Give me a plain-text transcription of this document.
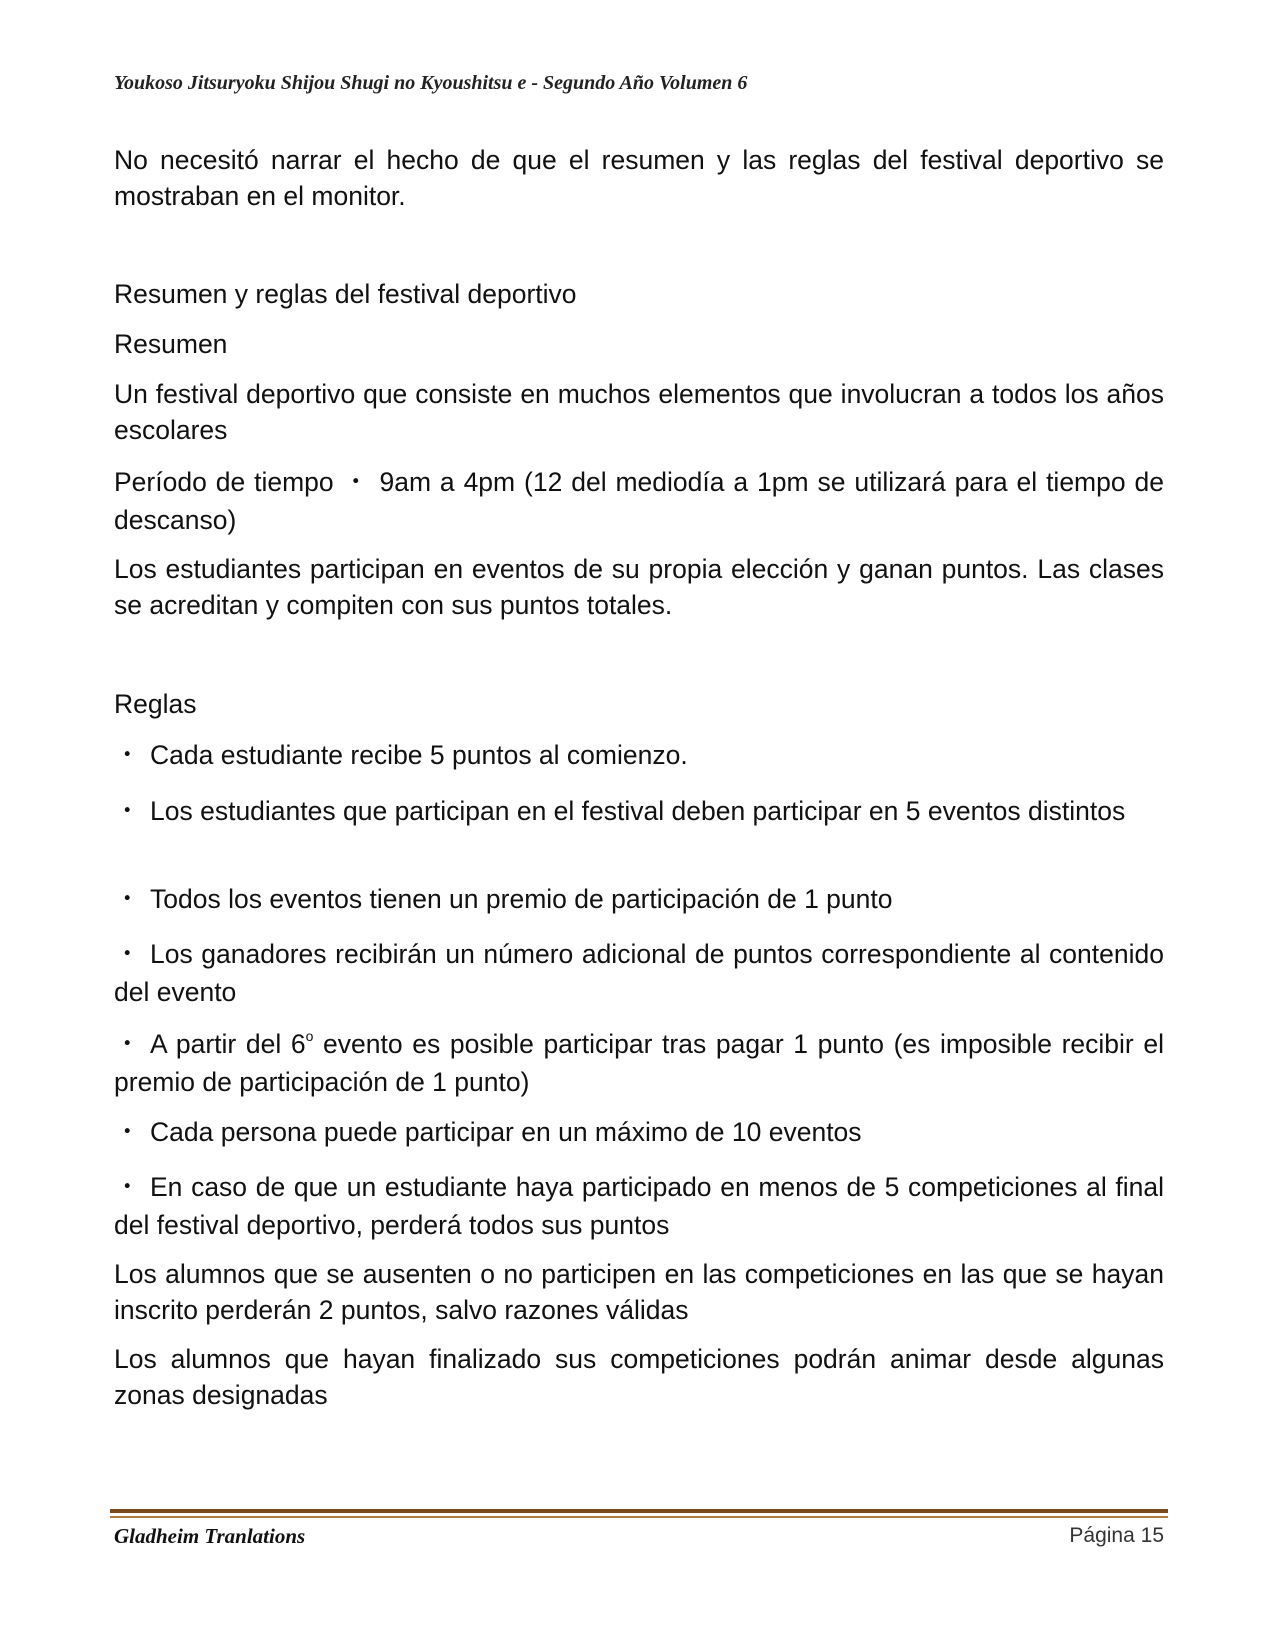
Youkoso Jitsuryoku Shijou Shugi no Kyoushitsu e - Segundo Año Volumen 6

No necesitó narrar el hecho de que el resumen y las reglas del festival deportivo se mostraban en el monitor.

Resumen y reglas del festival deportivo

Resumen

Un festival deportivo que consiste en muchos elementos que involucran a todos los años escolares

Período de tiempo ・ 9am a 4pm (12 del mediodía a 1pm se utilizará para el tiempo de descanso)

Los estudiantes participan en eventos de su propia elección y ganan puntos. Las clases se acreditan y compiten con sus puntos totales.

Reglas

・ Cada estudiante recibe 5 puntos al comienzo.

・ Los estudiantes que participan en el festival deben participar en 5 eventos distintos

・ Todos los eventos tienen un premio de participación de 1 punto

・ Los ganadores recibirán un número adicional de puntos correspondiente al contenido del evento

・ A partir del 6$^o$ evento es posible participar tras pagar 1 punto (es imposible recibir el premio de participación de 1 punto)

・ Cada persona puede participar en un máximo de 10 eventos

・ En caso de que un estudiante haya participado en menos de 5 competiciones al final del festival deportivo, perderá todos sus puntos

Los alumnos que se ausenten o no participen en las competiciones en las que se hayan inscrito perderán 2 puntos, salvo razones válidas

Los alumnos que hayan finalizado sus competiciones podrán animar desde algunas zonas designadas

Gladheim Tranlations	Página 15
